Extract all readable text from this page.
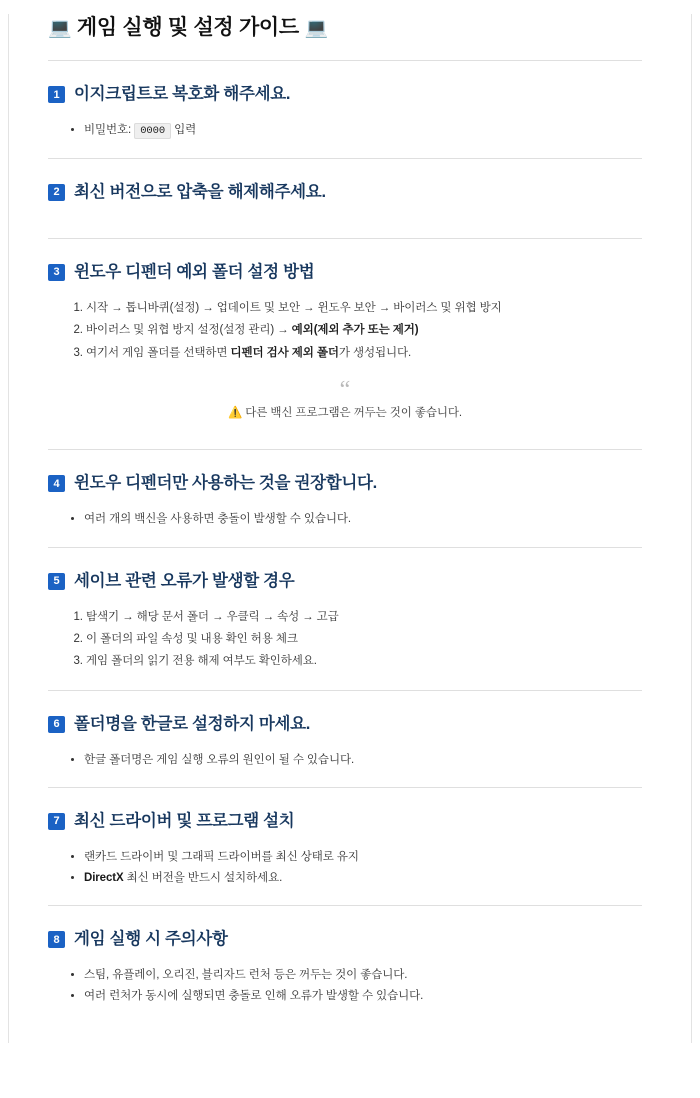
💻 게임 실행 및 설정 가이드 💻
1 이지크립트로 복호화 해주세요.
• 비밀번호: 0000 입력
2 최신 버전으로 압축을 해제해주세요.
3 윈도우 디펜더 예외 폴더 설정 방법
1. 시작 → 톱니바퀴(설정) → 업데이트 및 보안 → 윈도우 보안 → 바이러스 및 위협 방지
2. 바이러스 및 위협 방지 설정(설정 관리) → 예외(제외 추가 또는 제거)
3. 여기서 게임 폴더를 선택하면 디펜더 검사 제외 폴더가 생성됩니다.
“
⚠️ 다른 백신 프로그램은 꺼두는 것이 좋습니다.
4 윈도우 디펜더만 사용하는 것을 권장합니다.
• 여러 개의 백신을 사용하면 충돌이 발생할 수 있습니다.
5 세이브 관련 오류가 발생할 경우
1. 탐색기 → 해당 문서 폴더 → 우클릭 → 속성 → 고급
2. 이 폴더의 파일 속성 및 내용 확인 허용 체크
3. 게임 폴더의 읽기 전용 해제 여부도 확인하세요.
6 폴더명을 한글로 설정하지 마세요.
• 한글 폴더명은 게임 실행 오류의 원인이 될 수 있습니다.
7 최신 드라이버 및 프로그램 설치
• 랜카드 드라이버 및 그래픽 드라이버를 최신 상태로 유지
• DirectX 최신 버전을 반드시 설치하세요.
8 게임 실행 시 주의사항
• 스팀, 유플레이, 오리진, 블리자드 런처 등은 꺼두는 것이 좋습니다.
• 여러 런처가 동시에 실행되면 충돌로 인해 오류가 발생할 수 있습니다.
